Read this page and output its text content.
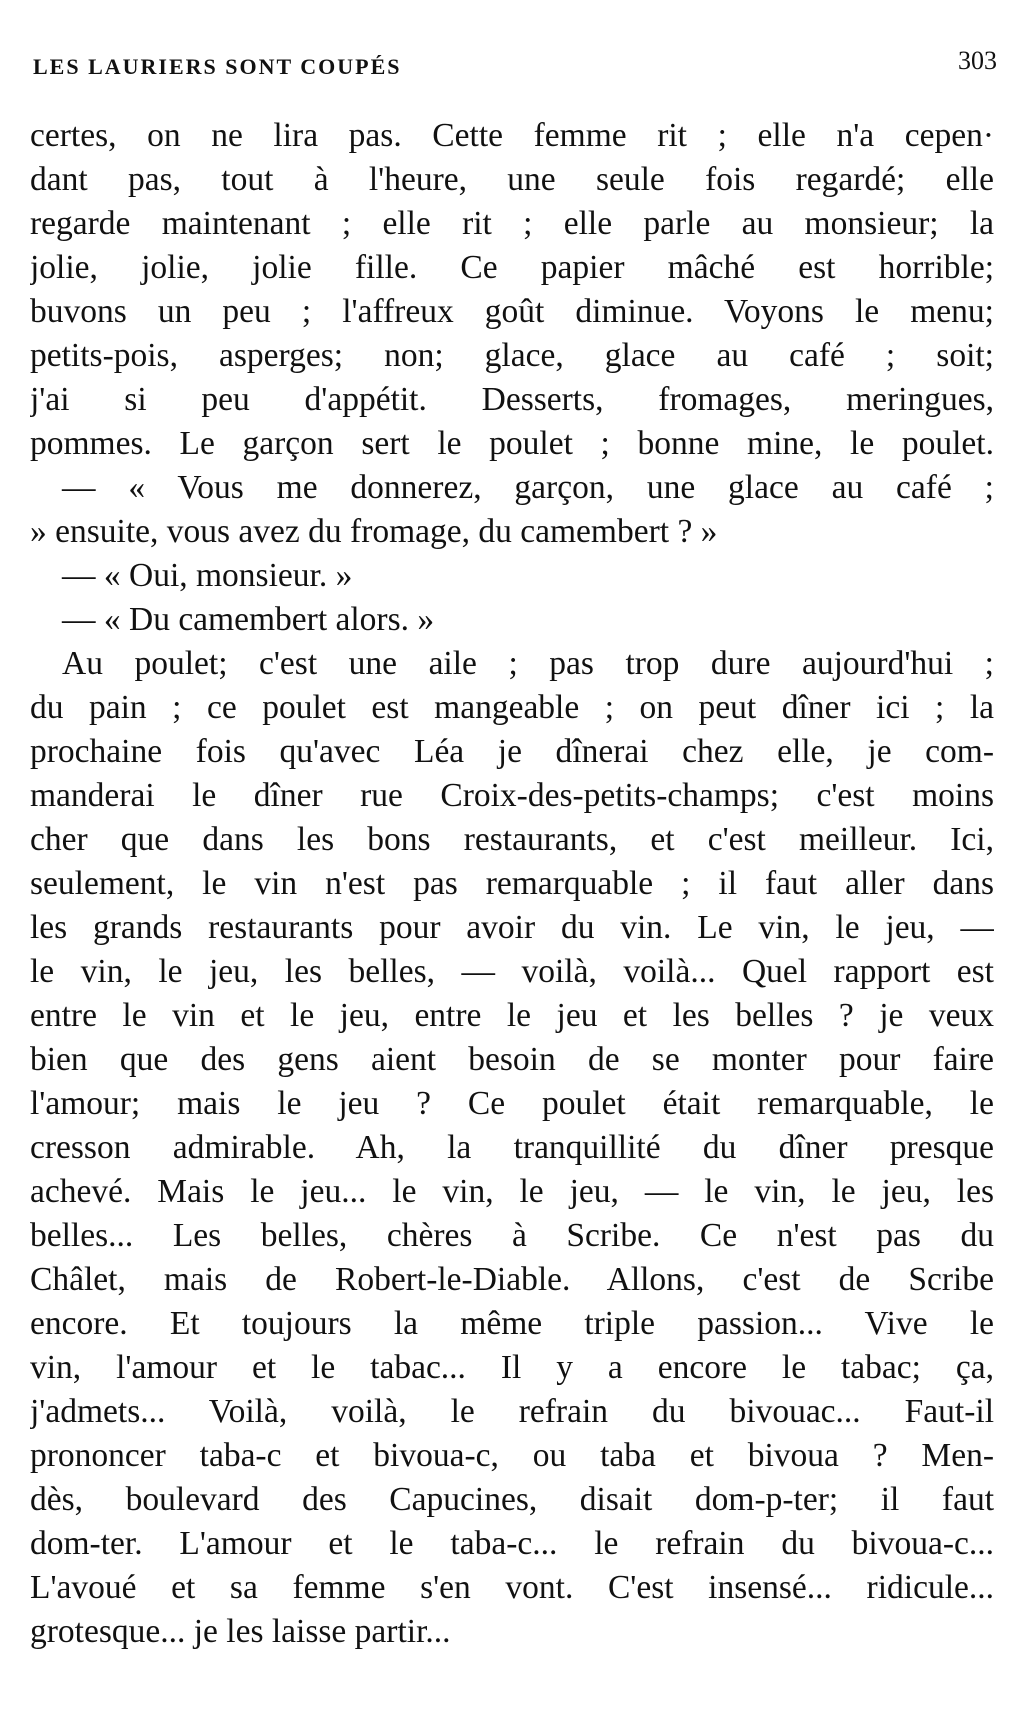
LES LAURIERS SONT COUPÉS	303
certes, on ne lira pas. Cette femme rit ; elle n'a cepen·
dant pas, tout à l'heure, une seule fois regardé; elle
regarde maintenant ; elle rit ; elle parle au monsieur; la
jolie, jolie, jolie fille. Ce papier mâché est horrible;
buvons un peu ; l'affreux goût diminue. Voyons le menu;
petits-pois, asperges; non; glace, glace au café ; soit;
j'ai si peu d'appétit. Desserts, fromages, meringues,
pommes. Le garçon sert le poulet ; bonne mine, le poulet.
— « Vous me donnerez, garçon, une glace au café ;
» ensuite, vous avez du fromage, du camembert ? »
— « Oui, monsieur. »
— « Du camembert alors. »
Au poulet; c'est une aile ; pas trop dure aujourd'hui ;
du pain ; ce poulet est mangeable ; on peut dîner ici ; la
prochaine fois qu'avec Léa je dînerai chez elle, je com-
manderai le dîner rue Croix-des-petits-champs; c'est moins
cher que dans les bons restaurants, et c'est meilleur. Ici,
seulement, le vin n'est pas remarquable ; il faut aller dans
les grands restaurants pour avoir du vin. Le vin, le jeu, —
le vin, le jeu, les belles, — voilà, voilà... Quel rapport est
entre le vin et le jeu, entre le jeu et les belles ? je veux
bien que des gens aient besoin de se monter pour faire
l'amour; mais le jeu ? Ce poulet était remarquable, le
cresson admirable. Ah, la tranquillité du dîner presque
achevé. Mais le jeu... le vin, le jeu, — le vin, le jeu, les
belles... Les belles, chères à Scribe. Ce n'est pas du
Châlet, mais de Robert-le-Diable. Allons, c'est de Scribe
encore. Et toujours la même triple passion... Vive le
vin, l'amour et le tabac... Il y a encore le tabac; ça,
j'admets... Voilà, voilà, le refrain du bivouac... Faut-il
prononcer taba-c et bivoua-c, ou taba et bivoua ? Men-
dès, boulevard des Capucines, disait dom-p-ter; il faut
dom-ter. L'amour et le taba-c... le refrain du bivoua-c...
L'avoué et sa femme s'en vont. C'est insensé... ridicule...
grotesque... je les laisse partir...
